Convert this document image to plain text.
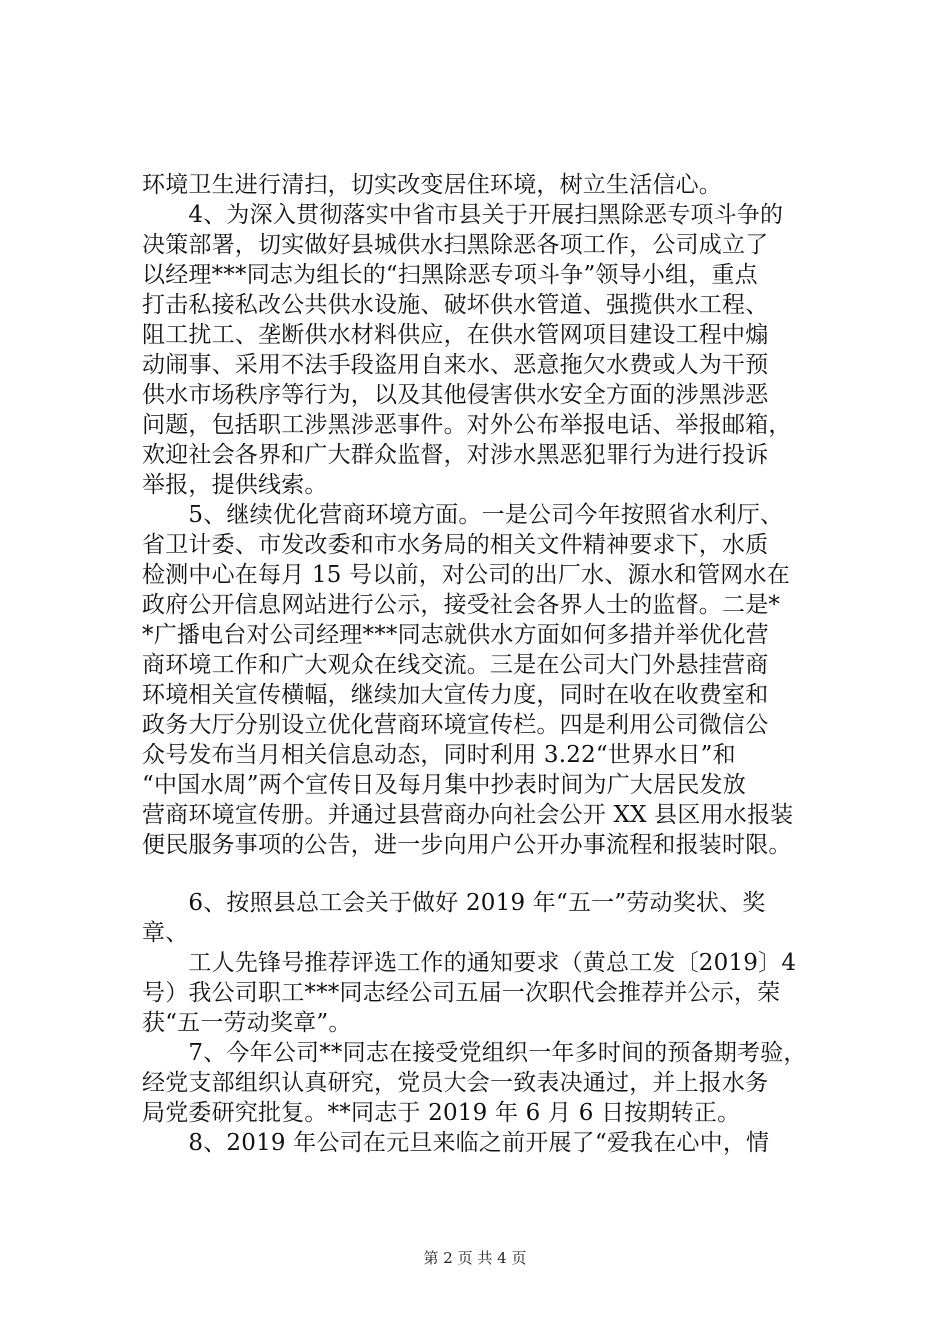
环境卫生进行清扫，切实改变居住环境，树立生活信心。
　　4、为深入贯彻落实中省市县关于开展扫黑除恶专项斗争的
决策部署，切实做好县城供水扫黑除恶各项工作，公司成立了
以经理***同志为组长的“扫黑除恶专项斗争”领导小组，重点
打击私接私改公共供水设施、破坏供水管道、强揽供水工程、
阻工扰工、垄断供水材料供应，在供水管网项目建设工程中煽
动闹事、采用不法手段盗用自来水、恶意拖欠水费或人为干预
供水市场秩序等行为，以及其他侵害供水安全方面的涉黑涉恶
问题，包括职工涉黑涉恶事件。对外公布举报电话、举报邮箱，
欢迎社会各界和广大群众监督，对涉水黑恶犯罪行为进行投诉
举报，提供线索。
　　5、继续优化营商环境方面。一是公司今年按照省水利厅、
省卫计委、市发改委和市水务局的相关文件精神要求下，水质
检测中心在每月 15 号以前，对公司的出厂水、源水和管网水在
政府公开信息网站进行公示，接受社会各界人士的监督。二是*
*广播电台对公司经理***同志就供水方面如何多措并举优化营
商环境工作和广大观众在线交流。三是在公司大门外悬挂营商
环境相关宣传横幅，继续加大宣传力度，同时在收在收费室和
政务大厅分别设立优化营商环境宣传栏。四是利用公司微信公
众号发布当月相关信息动态，同时利用 3.22“世界水日”和
“中国水周”两个宣传日及每月集中抄表时间为广大居民发放
营商环境宣传册。并通过县营商办向社会公开 XX 县区用水报装
便民服务事项的公告，进一步向用户公开办事流程和报装时限。
　　6、按照县总工会关于做好 2019 年“五一”劳动奖状、奖
章、
　　工人先锋号推荐评选工作的通知要求（黄总工发〔2019〕4
号）我公司职工***同志经公司五届一次职代会推荐并公示，荣
获“五一劳动奖章”。
　　7、今年公司**同志在接受党组织一年多时间的预备期考验，
经党支部组织认真研究，党员大会一致表决通过，并上报水务
局党委研究批复。**同志于 2019 年 6 月 6 日按期转正。
　　8、2019 年公司在元旦来临之前开展了“爱我在心中，情
第 2 页 共 4 页
